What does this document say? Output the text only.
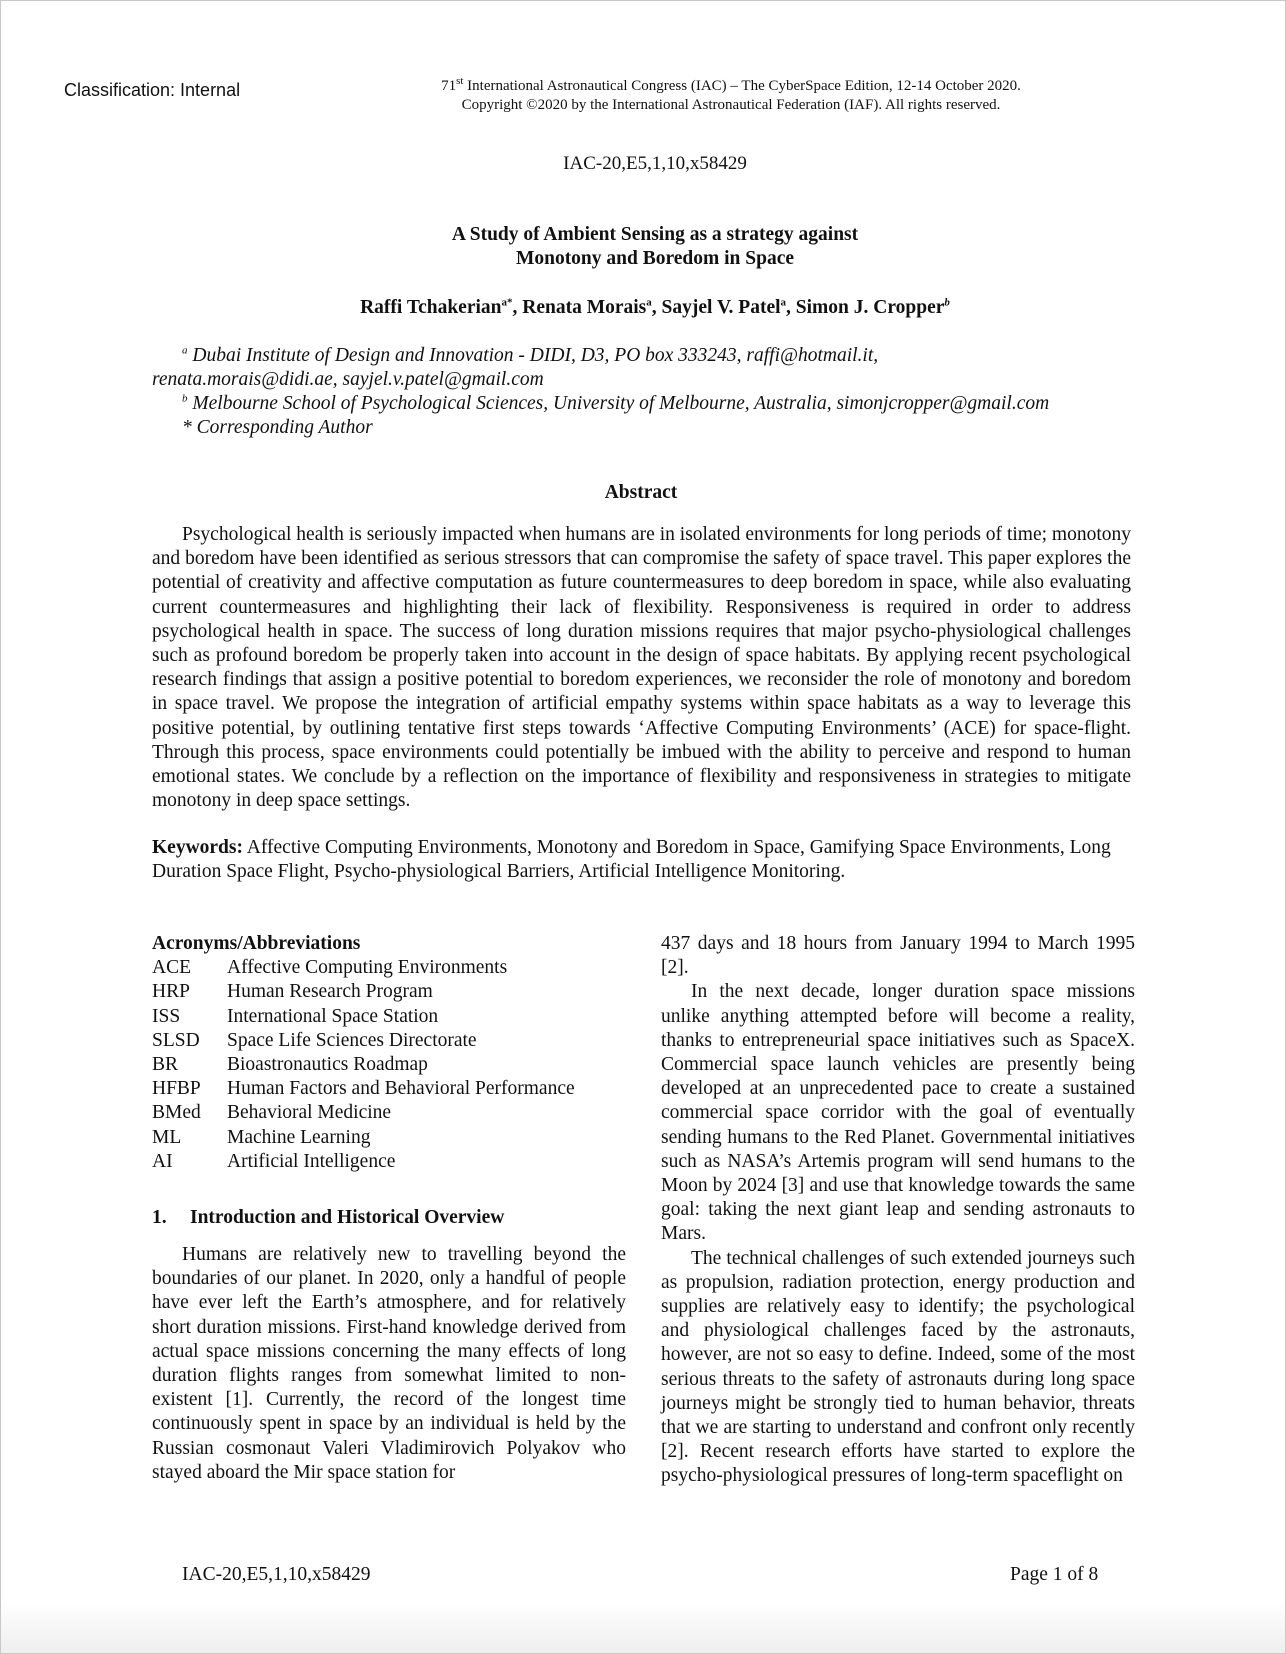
Classification: Internal	71st International Astronautical Congress (IAC) – The CyberSpace Edition, 12-14 October 2020.
Copyright ©2020 by the International Astronautical Federation (IAF). All rights reserved.
IAC-20,E5,1,10,x58429
A Study of Ambient Sensing as a strategy against
Monotony and Boredom in Space
Raffi Tchakerian$^{a*}$, Renata Morais$^a$, Sayjel V. Patel$^a$, Simon J. Cropper$^b$
$^a$ Dubai Institute of Design and Innovation - DIDI, D3, PO box 333243, raffi@hotmail.it,
renata.morais@didi.ae, sayjel.v.patel@gmail.com
$^b$ Melbourne School of Psychological Sciences, University of Melbourne, Australia, simonjcropper@gmail.com
* Corresponding Author
Abstract
Psychological health is seriously impacted when humans are in isolated environments for long periods of time; monotony and boredom have been identified as serious stressors that can compromise the safety of space travel. This paper explores the potential of creativity and affective computation as future countermeasures to deep boredom in space, while also evaluating current countermeasures and highlighting their lack of flexibility. Responsiveness is required in order to address psychological health in space. The success of long duration missions requires that major psycho-physiological challenges such as profound boredom be properly taken into account in the design of space habitats. By applying recent psychological research findings that assign a positive potential to boredom experiences, we reconsider the role of monotony and boredom in space travel. We propose the integration of artificial empathy systems within space habitats as a way to leverage this positive potential, by outlining tentative first steps towards ‘Affective Computing Environments’ (ACE) for space-flight. Through this process, space environments could potentially be imbued with the ability to perceive and respond to human emotional states. We conclude by a reflection on the importance of flexibility and responsiveness in strategies to mitigate monotony in deep space settings.
Keywords: Affective Computing Environments, Monotony and Boredom in Space, Gamifying Space Environments, Long Duration Space Flight, Psycho-physiological Barriers, Artificial Intelligence Monitoring.
Acronyms/Abbreviations
ACE	Affective Computing Environments
HRP	Human Research Program
ISS	International Space Station
SLSD	Space Life Sciences Directorate
BR	Bioastronautics Roadmap
HFBP	Human Factors and Behavioral Performance
BMed	Behavioral Medicine
ML	Machine Learning
AI	Artificial Intelligence
1.	Introduction and Historical Overview

Humans are relatively new to travelling beyond the boundaries of our planet. In 2020, only a handful of people have ever left the Earth’s atmosphere, and for relatively short duration missions. First-hand knowledge derived from actual space missions concerning the many effects of long duration flights ranges from somewhat limited to non-existent [1]. Currently, the record of the longest time continuously spent in space by an individual is held by the Russian cosmonaut Valeri Vladimirovich Polyakov who stayed aboard the Mir space station for

437 days and 18 hours from January 1994 to March 1995 [2].

In the next decade, longer duration space missions unlike anything attempted before will become a reality, thanks to entrepreneurial space initiatives such as SpaceX. Commercial space launch vehicles are presently being developed at an unprecedented pace to create a sustained commercial space corridor with the goal of eventually sending humans to the Red Planet. Governmental initiatives such as NASA’s Artemis program will send humans to the Moon by 2024 [3] and use that knowledge towards the same goal: taking the next giant leap and sending astronauts to Mars.

The technical challenges of such extended journeys such as propulsion, radiation protection, energy production and supplies are relatively easy to identify; the psychological and physiological challenges faced by the astronauts, however, are not so easy to define. Indeed, some of the most serious threats to the safety of astronauts during long space journeys might be strongly tied to human behavior, threats that we are starting to understand and confront only recently [2]. Recent research efforts have started to explore the psycho-physiological pressures of long-term spaceflight on

IAC-20,E5,1,10,x58429	Page 1 of 8
